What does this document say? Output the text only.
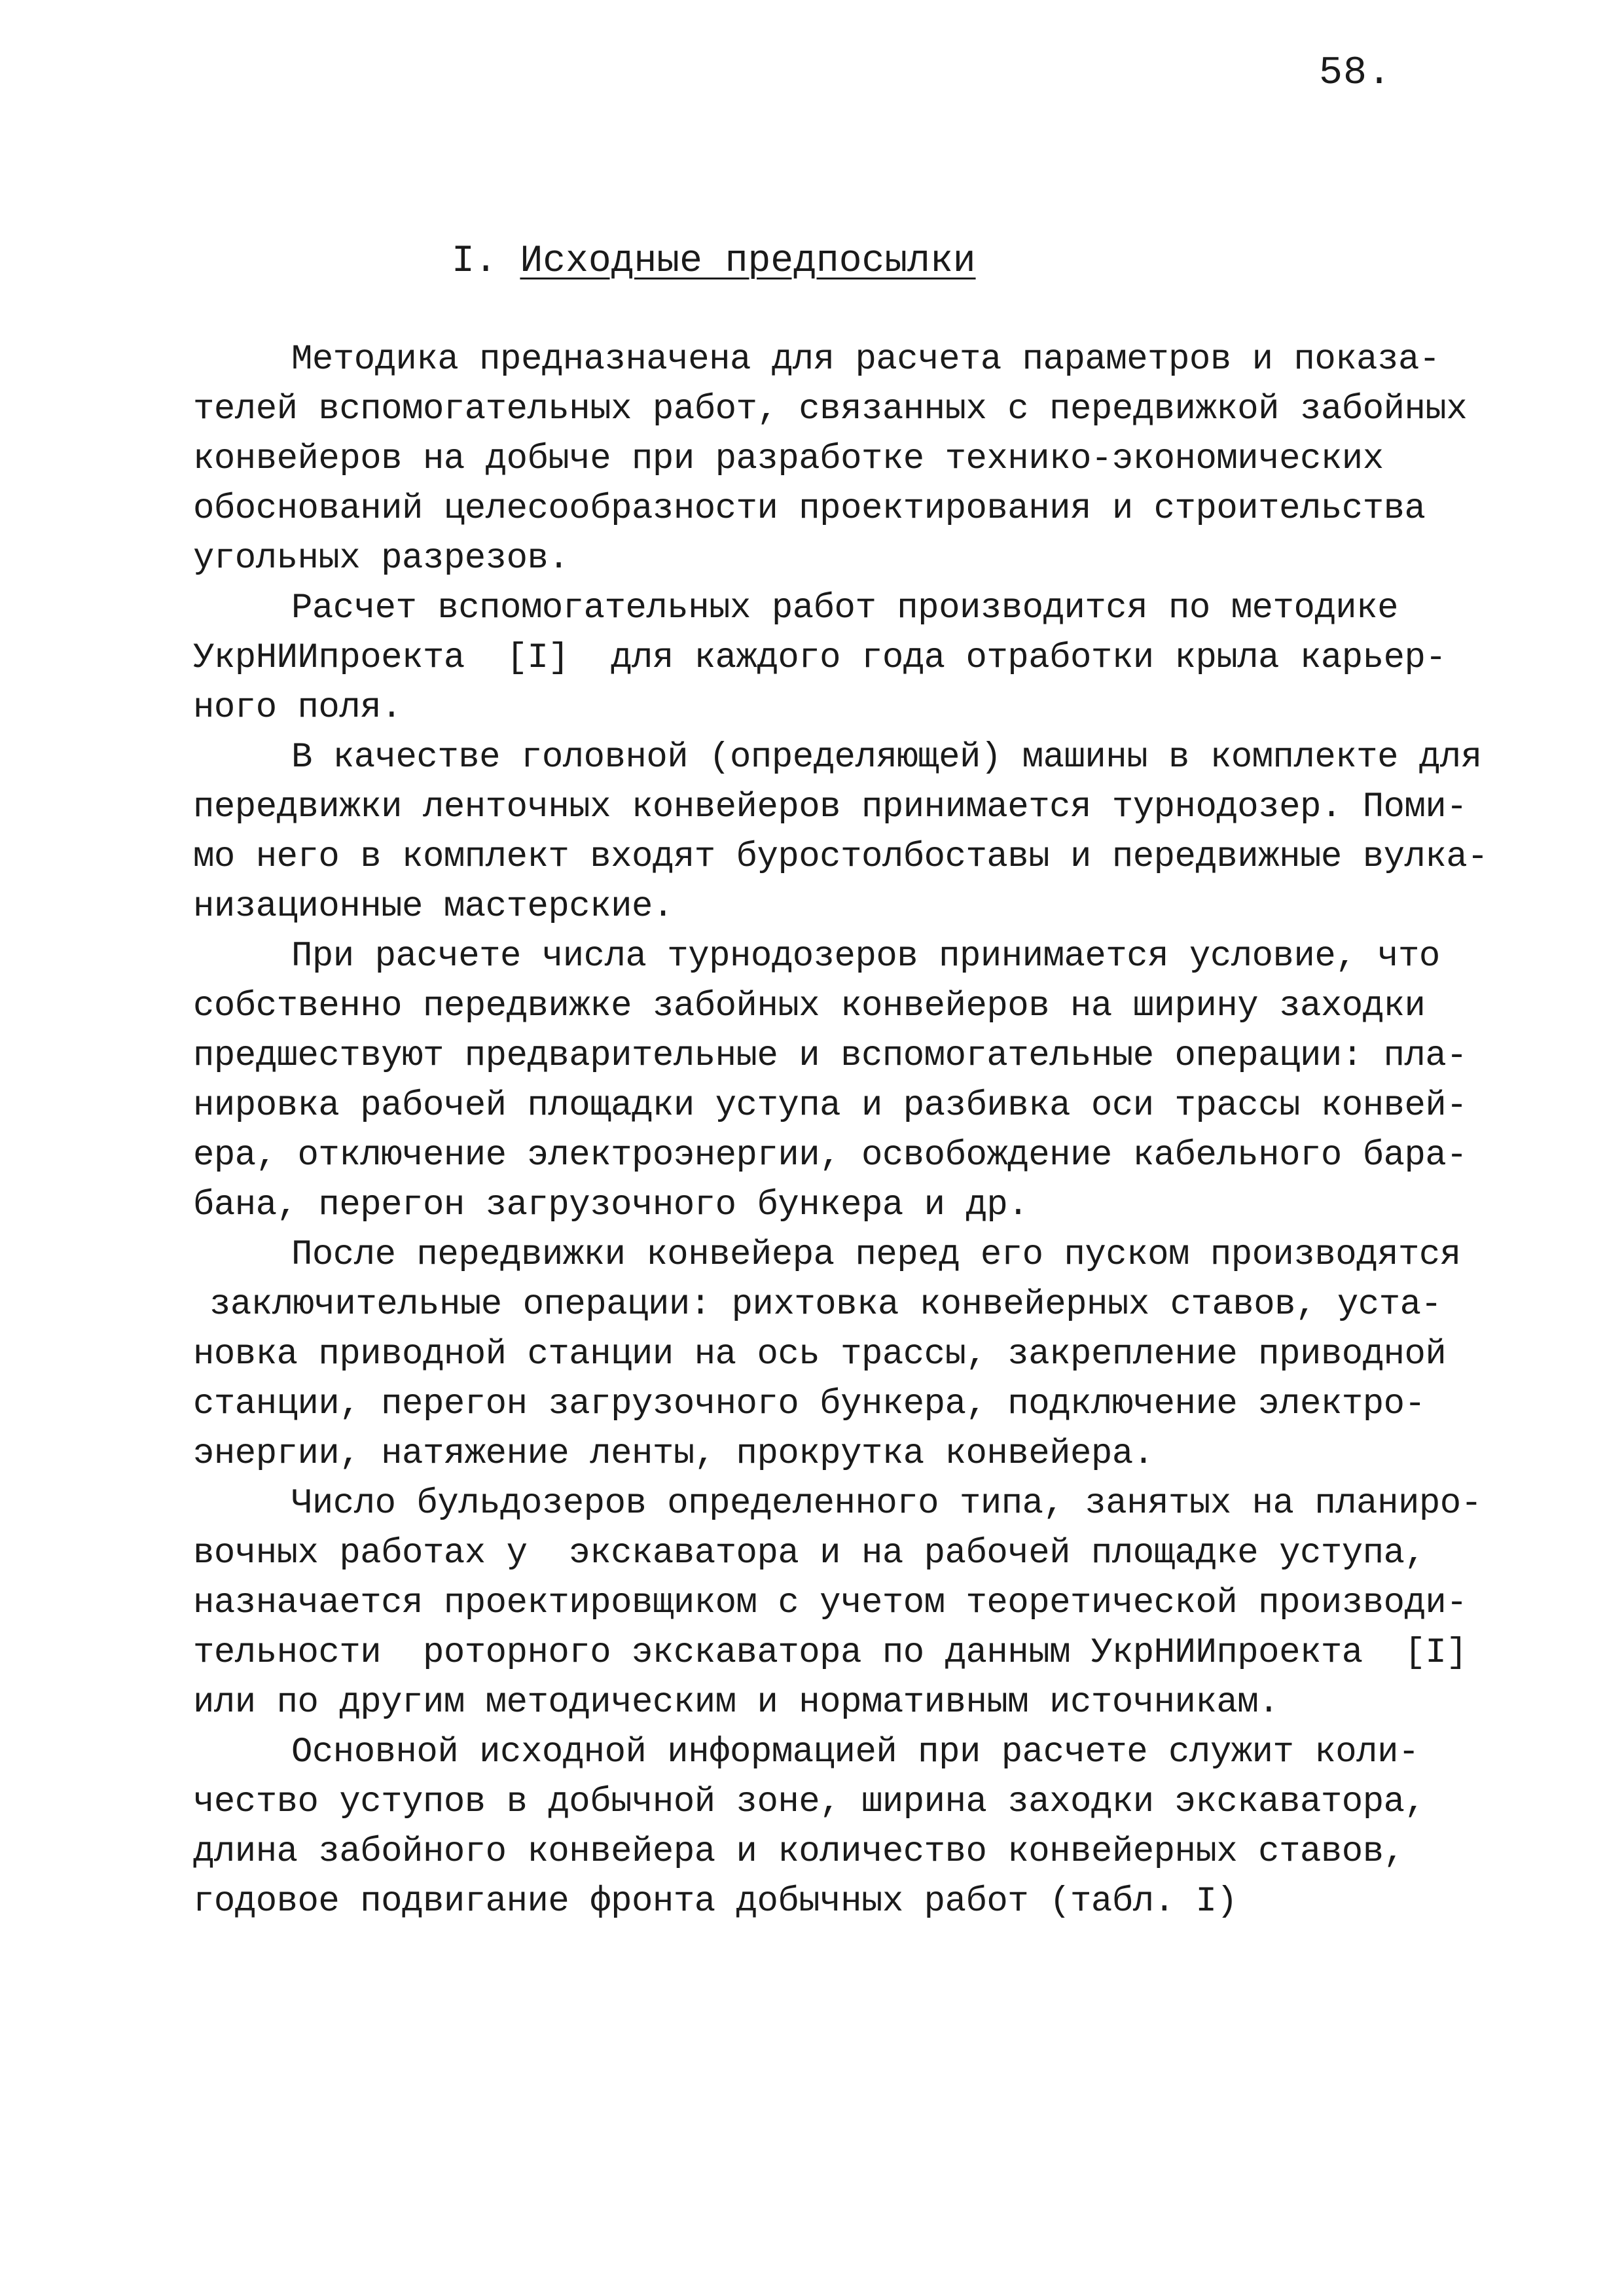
58.
I. Исходные предпосылки
Методика предназначена для расчета параметров и показа-
телей вспомогательных работ, связанных с передвижкой забойных
конвейеров на добыче при разработке технико-экономических
обоснований целесообразности проектирования и строительства
угольных разрезов.
Расчет вспомогательных работ производится по методике
УкрНИИпроекта  [I]  для каждого года отработки крыла карьер-
ного поля.
В качестве головной (определяющей) машины в комплекте для
передвижки ленточных конвейеров принимается турнодозер. Поми-
мо него в комплект входят буростолбоставы и передвижные вулка-
низационные мастерские.
При расчете числа турнодозеров принимается условие, что
собственно передвижке забойных конвейеров на ширину заходки
предшествуют предварительные и вспомогательные операции: пла-
нировка рабочей площадки уступа и разбивка оси трассы конвей-
ера, отключение электроэнергии, освобождение кабельного бара-
бана, перегон загрузочного бункера и др.
После передвижки конвейера перед его пуском производятся
заключительные операции: рихтовка конвейерных ставов, уста-
новка приводной станции на ось трассы, закрепление приводной
станции, перегон загрузочного бункера, подключение электро-
энергии, натяжение ленты, прокрутка конвейера.
Число бульдозеров определенного типа, занятых на планиро-
вочных работах у  экскаватора и на рабочей площадке уступа,
назначается проектировщиком с учетом теоретической производи-
тельности  роторного экскаватора по данным УкрНИИпроекта  [I]
или по другим методическим и нормативным источникам.
Основной исходной информацией при расчете служит коли-
чество уступов в добычной зоне, ширина заходки экскаватора,
длина забойного конвейера и количество конвейерных ставов,
годовое подвигание фронта добычных работ (табл. I)
